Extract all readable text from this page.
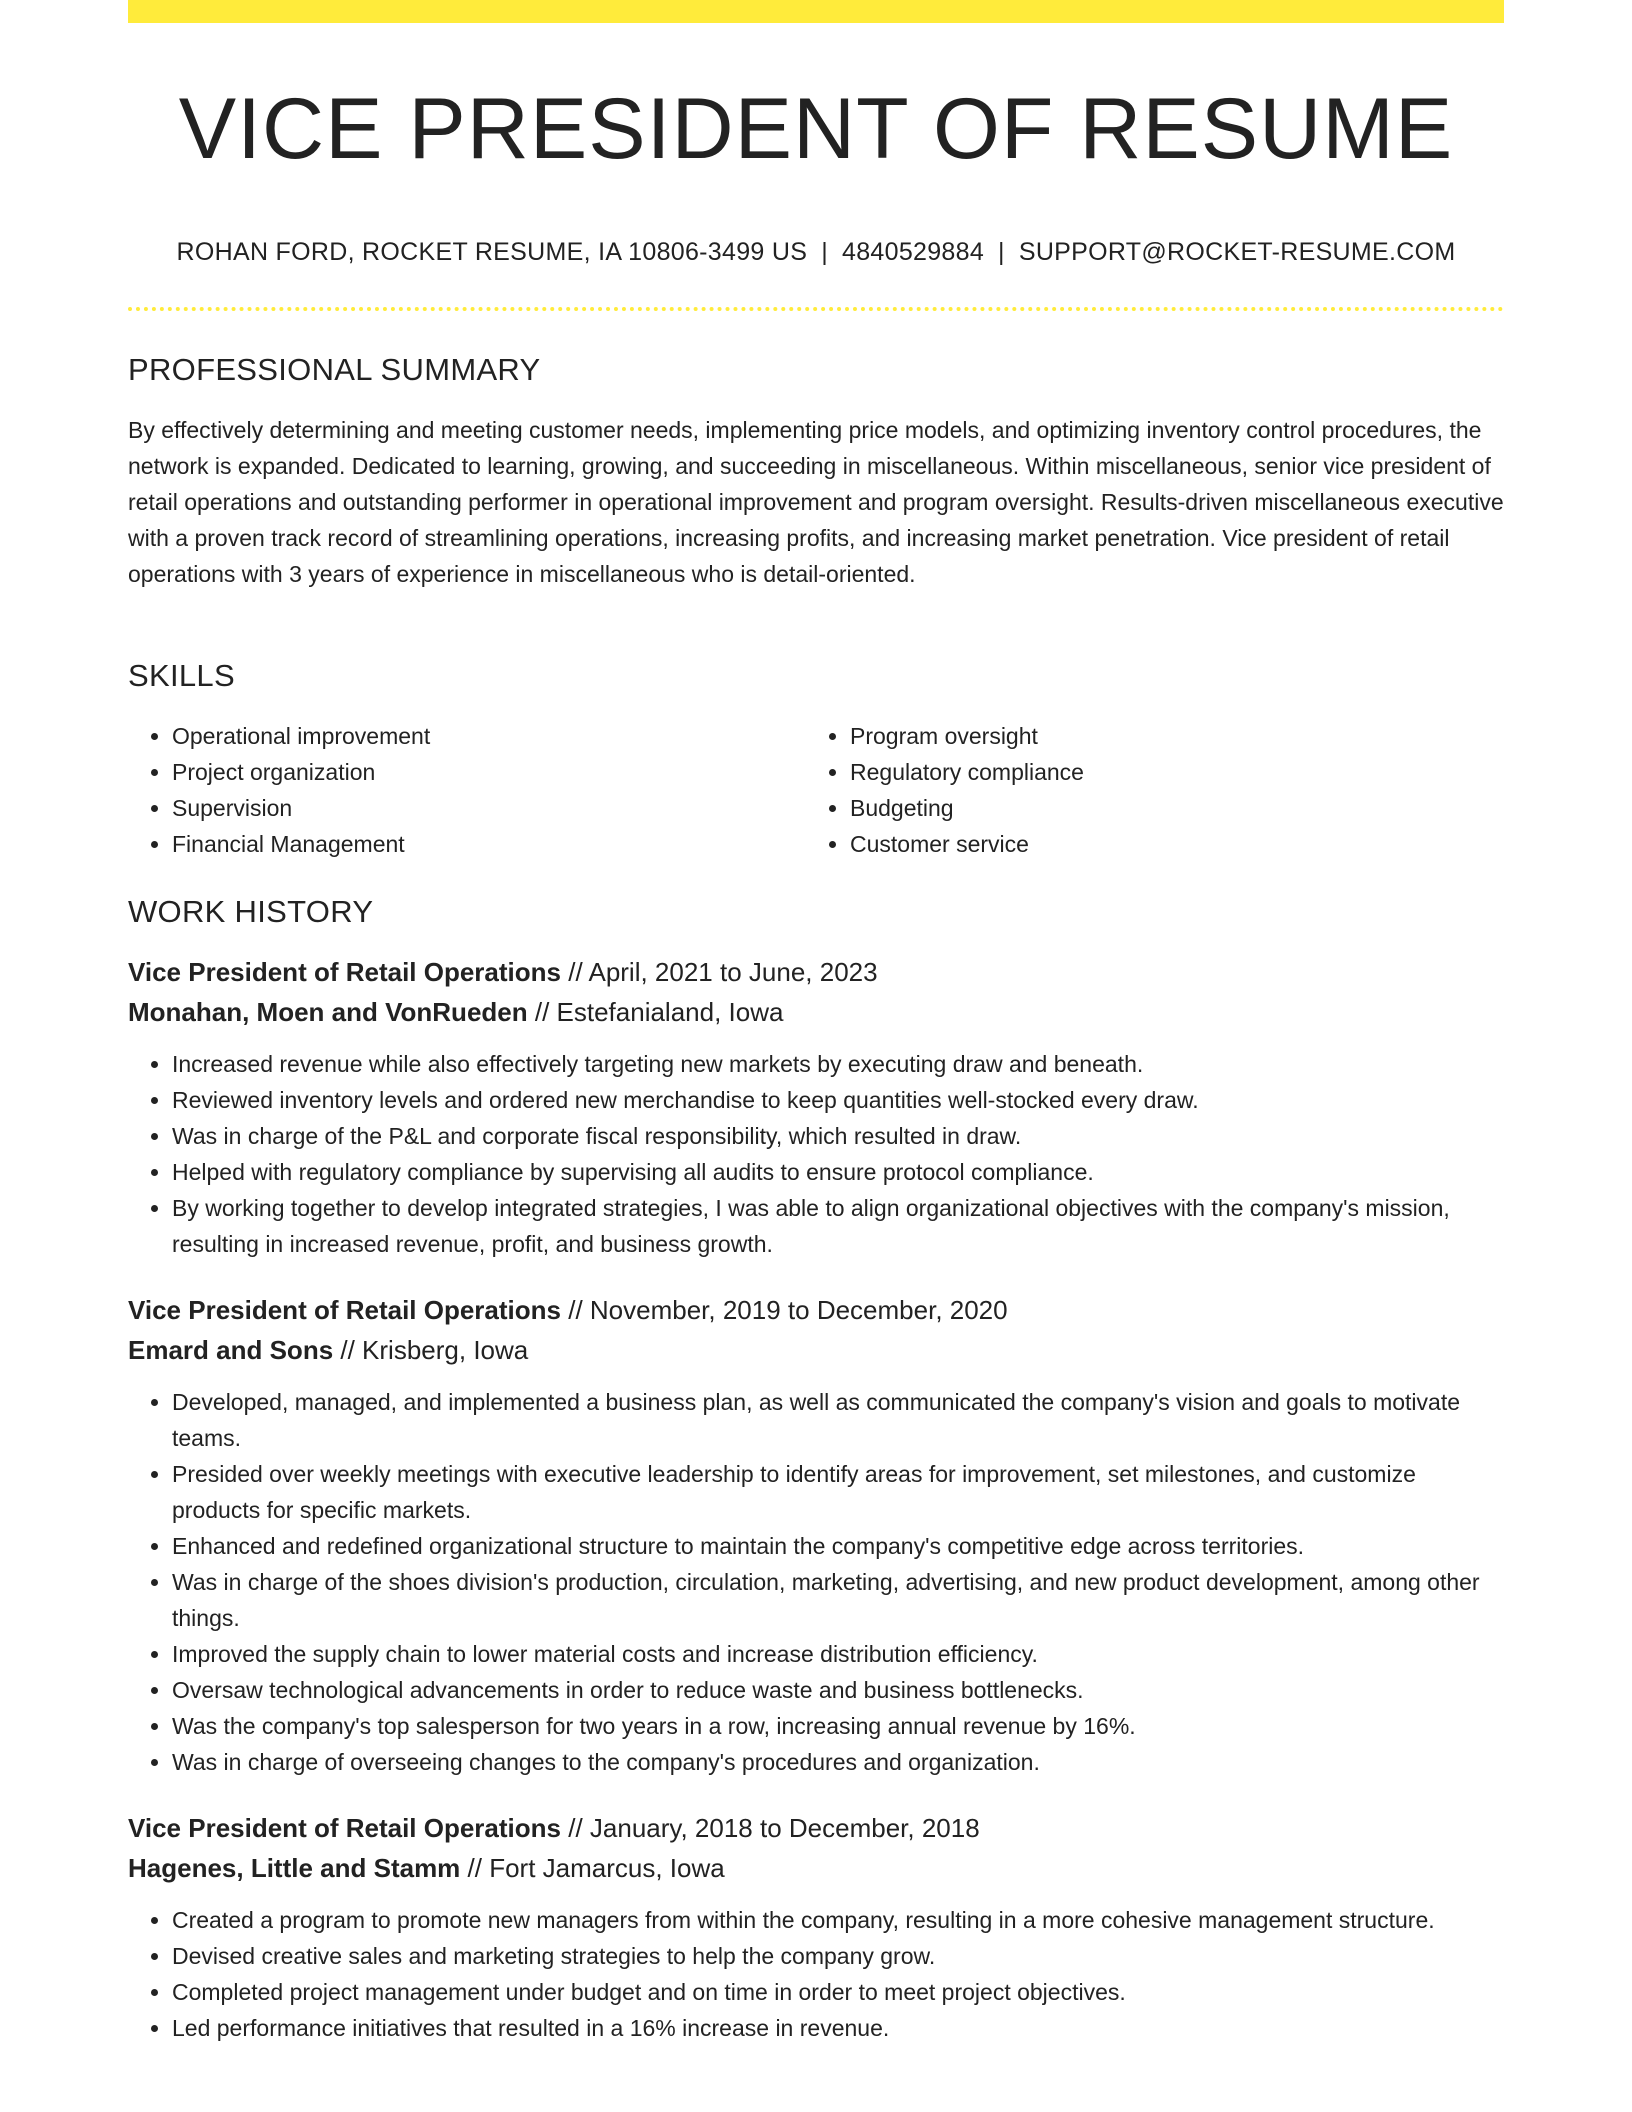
VICE PRESIDENT OF RESUME
ROHAN FORD, ROCKET RESUME, IA 10806-3499 US | 4840529884 | SUPPORT@ROCKET-RESUME.COM
PROFESSIONAL SUMMARY

By effectively determining and meeting customer needs, implementing price models, and optimizing inventory control procedures, the network is expanded. Dedicated to learning, growing, and succeeding in miscellaneous. Within miscellaneous, senior vice president of retail operations and outstanding performer in operational improvement and program oversight. Results-driven miscellaneous executive with a proven track record of streamlining operations, increasing profits, and increasing market penetration. Vice president of retail operations with 3 years of experience in miscellaneous who is detail-oriented.

SKILLS
• Operational improvement
• Project organization
• Supervision
• Financial Management
• Program oversight
• Regulatory compliance
• Budgeting
• Customer service
WORK HISTORY
Vice President of Retail Operations // April, 2021 to June, 2023
Monahan, Moen and VonRueden // Estefanialand, Iowa
• Increased revenue while also effectively targeting new markets by executing draw and beneath.
• Reviewed inventory levels and ordered new merchandise to keep quantities well-stocked every draw.
• Was in charge of the P&L and corporate fiscal responsibility, which resulted in draw.
• Helped with regulatory compliance by supervising all audits to ensure protocol compliance.
• By working together to develop integrated strategies, I was able to align organizational objectives with the company's mission, resulting in increased revenue, profit, and business growth.
Vice President of Retail Operations // November, 2019 to December, 2020
Emard and Sons // Krisberg, Iowa
• Developed, managed, and implemented a business plan, as well as communicated the company's vision and goals to motivate teams.
• Presided over weekly meetings with executive leadership to identify areas for improvement, set milestones, and customize products for specific markets.
• Enhanced and redefined organizational structure to maintain the company's competitive edge across territories.
• Was in charge of the shoes division's production, circulation, marketing, advertising, and new product development, among other things.
• Improved the supply chain to lower material costs and increase distribution efficiency.
• Oversaw technological advancements in order to reduce waste and business bottlenecks.
• Was the company's top salesperson for two years in a row, increasing annual revenue by 16%.
• Was in charge of overseeing changes to the company's procedures and organization.
Vice President of Retail Operations // January, 2018 to December, 2018
Hagenes, Little and Stamm // Fort Jamarcus, Iowa
• Created a program to promote new managers from within the company, resulting in a more cohesive management structure.
• Devised creative sales and marketing strategies to help the company grow.
• Completed project management under budget and on time in order to meet project objectives.
• Led performance initiatives that resulted in a 16% increase in revenue.
